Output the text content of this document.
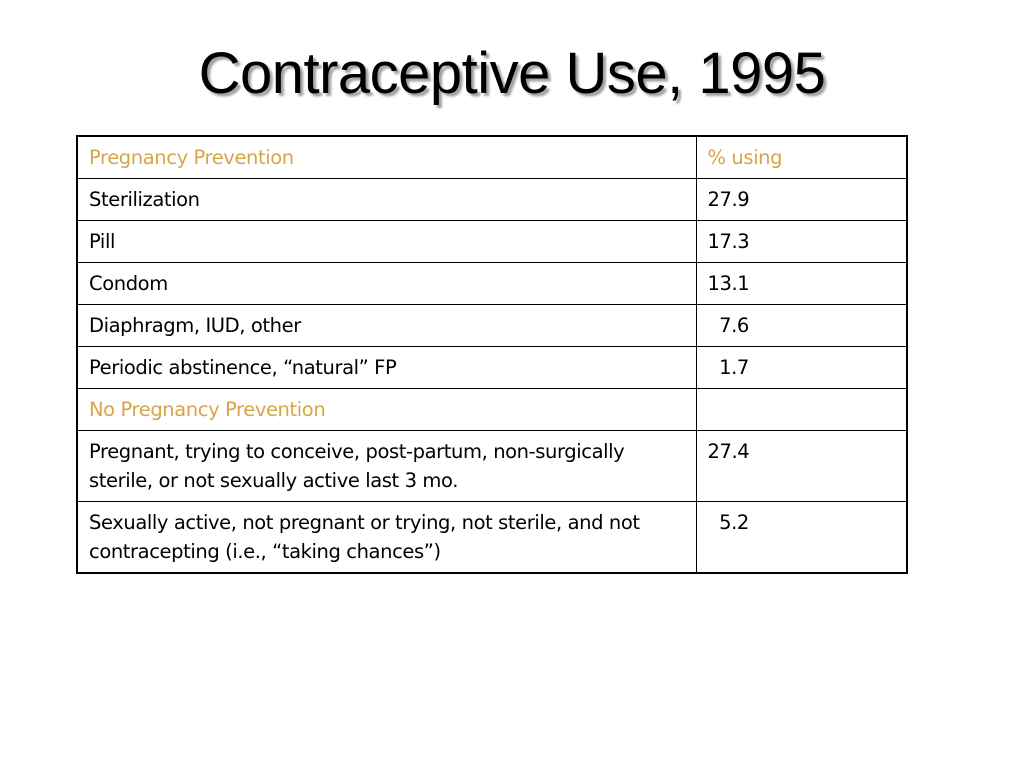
Contraceptive Use, 1995
Pregnancy Prevention	% using
Sterilization	27.9
Pill	17.3
Condom	13.1
Diaphragm, IUD, other	7.6
Periodic abstinence, “natural” FP	1.7
No Pregnancy Prevention	
Pregnant, trying to conceive, post-partum, non-surgically sterile, or not sexually active last 3 mo.	27.4
Sexually active, not pregnant or trying, not sterile, and not contracepting (i.e., “taking chances”)	5.2
